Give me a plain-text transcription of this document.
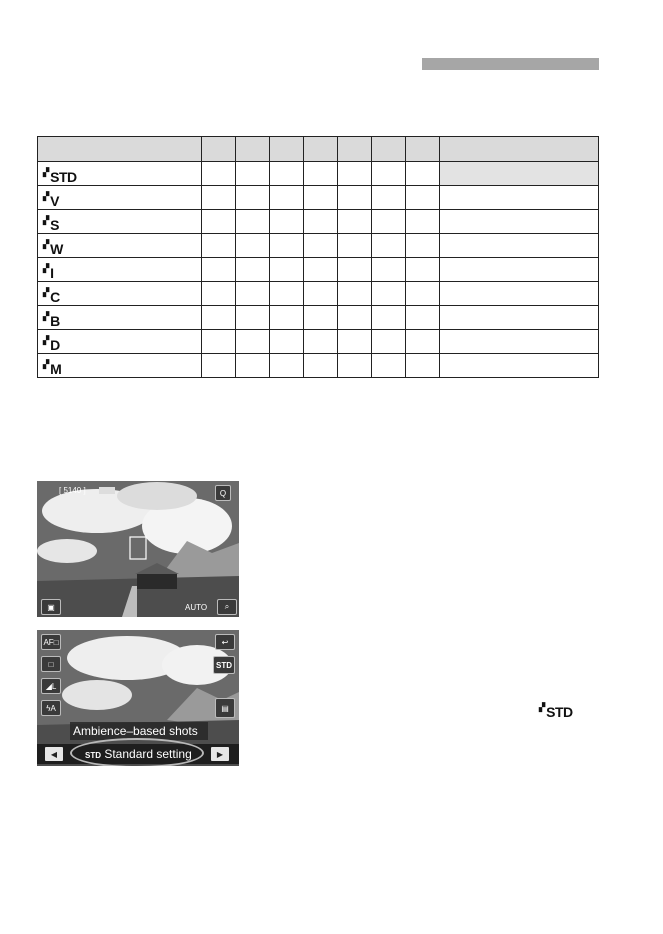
▞ STD								

▞ V								

▞ S								

▞ W								

▞ I								

▞ C								

▞ B								

▞ D								

▞ M								

[ 5140 ]	Q
▣	AUTO	⌕
AF□
□
◢L
ϟA
↩
STD
▤
Ambience–based shots
◀	▶
STD Standard setting
▞ STD
